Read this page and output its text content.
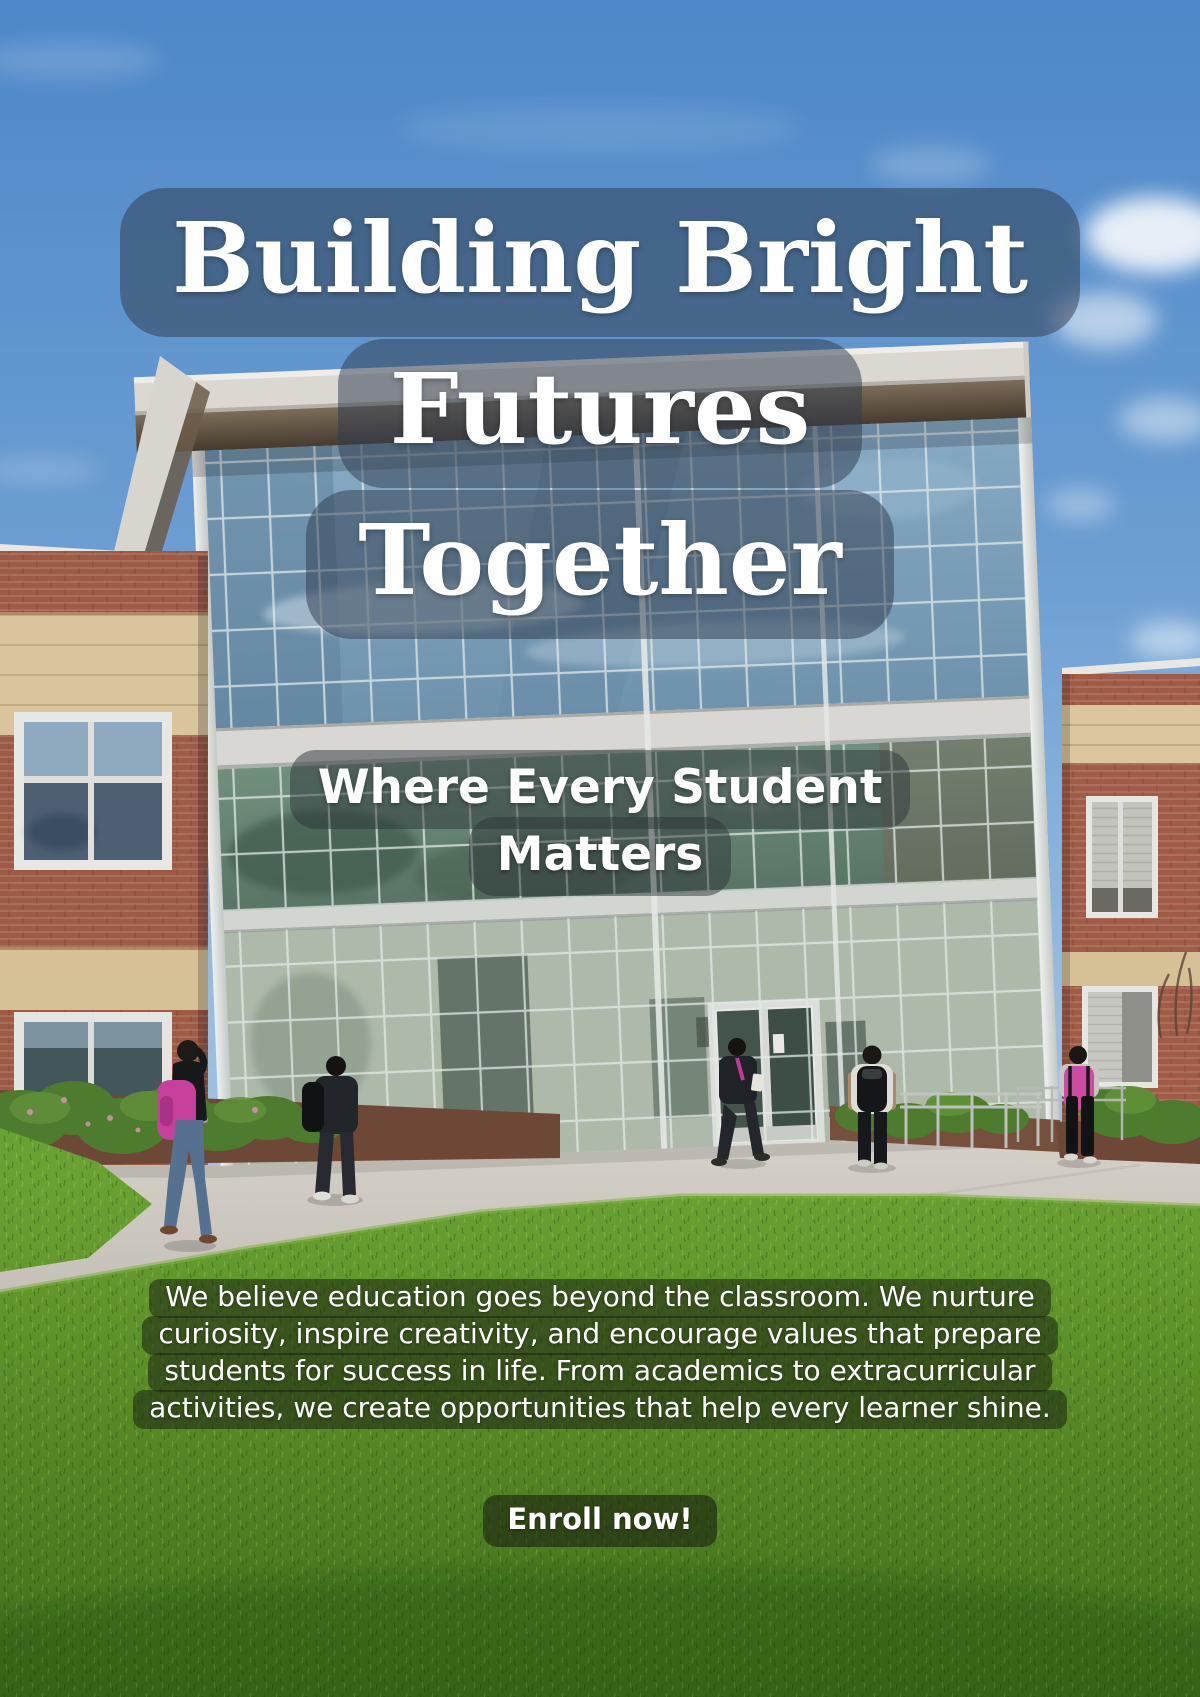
Building Bright
Futures
Together
Where Every Student
Matters
We believe education goes beyond the classroom. We nurture
curiosity, inspire creativity, and encourage values that prepare
students for success in life. From academics to extracurricular
activities, we create opportunities that help every learner shine.
Enroll now!
